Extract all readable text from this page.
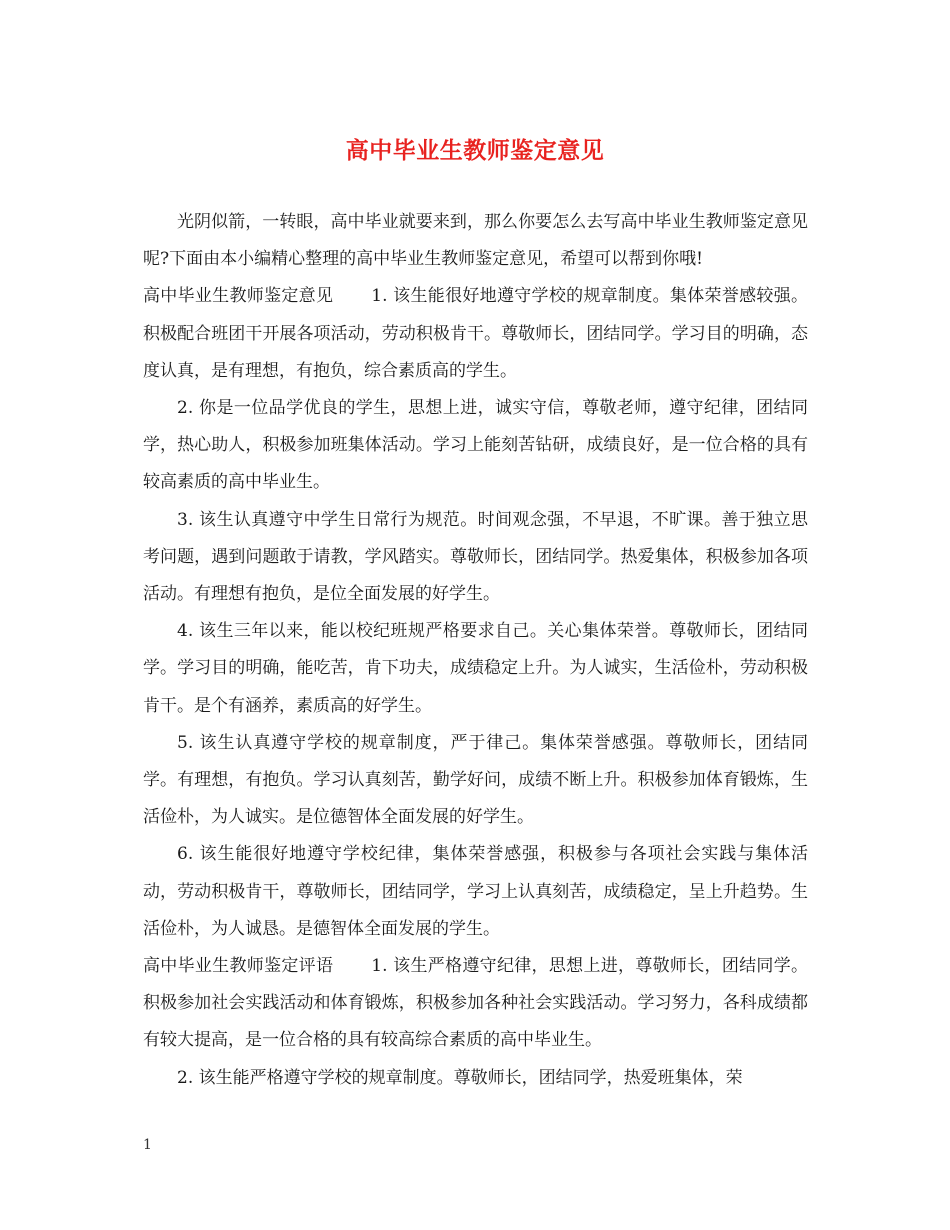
高中毕业生教师鉴定意见

光阴似箭，一转眼，高中毕业就要来到，那么你要怎么去写高中毕业生教师鉴定意见呢?下面由本小编精心整理的高中毕业生教师鉴定意见，希望可以帮到你哦!

高中毕业生教师鉴定意见 1. 该生能很好地遵守学校的规章制度。集体荣誉感较强。积极配合班团干开展各项活动，劳动积极肯干。尊敬师长，团结同学。学习目的明确，态度认真，是有理想，有抱负，综合素质高的学生。

2. 你是一位品学优良的学生，思想上进，诚实守信，尊敬老师，遵守纪律，团结同学，热心助人，积极参加班集体活动。学习上能刻苦钻研，成绩良好，是一位合格的具有较高素质的高中毕业生。

3. 该生认真遵守中学生日常行为规范。时间观念强，不早退，不旷课。善于独立思考问题，遇到问题敢于请教，学风踏实。尊敬师长，团结同学。热爱集体，积极参加各项活动。有理想有抱负，是位全面发展的好学生。

4. 该生三年以来，能以校纪班规严格要求自己。关心集体荣誉。尊敬师长，团结同学。学习目的明确，能吃苦，肯下功夫，成绩稳定上升。为人诚实，生活俭朴，劳动积极肯干。是个有涵养，素质高的好学生。

5. 该生认真遵守学校的规章制度，严于律己。集体荣誉感强。尊敬师长，团结同学。有理想，有抱负。学习认真刻苦，勤学好问，成绩不断上升。积极参加体育锻炼，生活俭朴，为人诚实。是位德智体全面发展的好学生。

6. 该生能很好地遵守学校纪律，集体荣誉感强，积极参与各项社会实践与集体活动，劳动积极肯干，尊敬师长，团结同学，学习上认真刻苦，成绩稳定，呈上升趋势。生活俭朴，为人诚恳。是德智体全面发展的学生。

高中毕业生教师鉴定评语 1. 该生严格遵守纪律，思想上进，尊敬师长，团结同学。积极参加社会实践活动和体育锻炼，积极参加各种社会实践活动。学习努力，各科成绩都有较大提高，是一位合格的具有较高综合素质的高中毕业生。

2. 该生能严格遵守学校的规章制度。尊敬师长，团结同学，热爱班集体，荣

1
